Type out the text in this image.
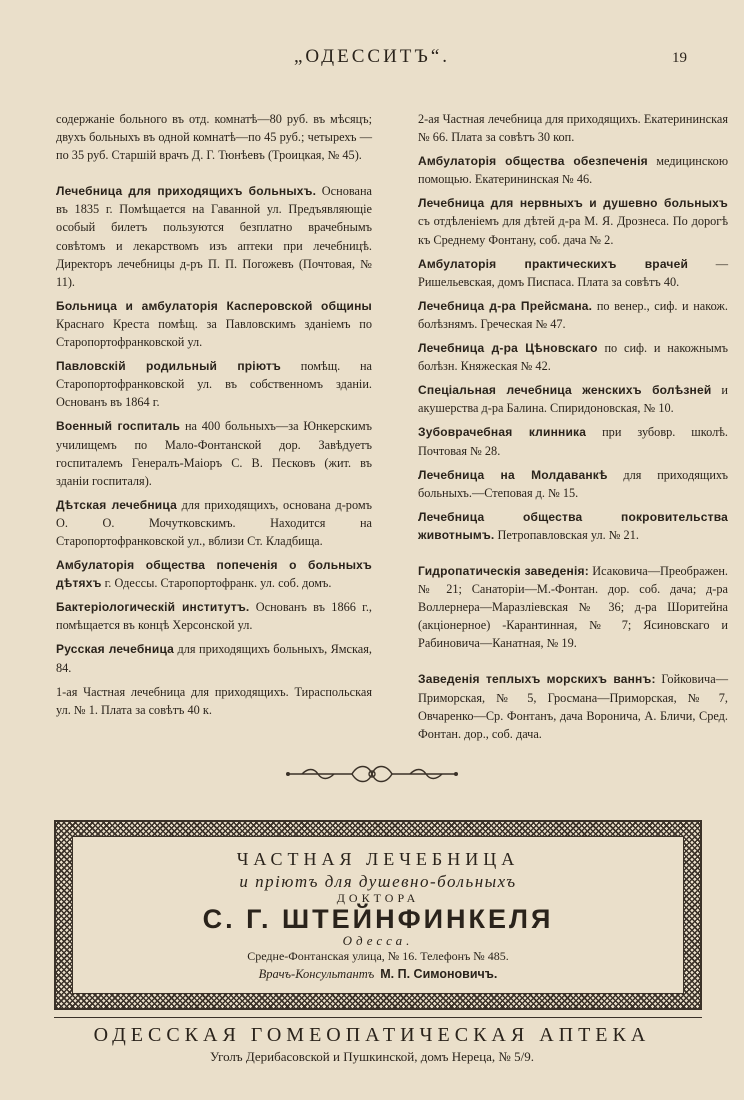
„ОДЕССИТЪ“.	19

содержаніе больного въ отд. комнатѣ—80 руб. въ мѣсяцъ; двухъ больныхъ въ одной комнатѣ—по 45 руб.; четырехъ —по 35 руб. Старшій врачъ Д. Г. Тюнѣевъ (Троицкая, № 45).

Лечебница для приходящихъ больныхъ. Основана въ 1835 г. Помѣщается на Гаванной ул. Предъявляющіе особый билетъ пользуются безплатно врачебнымъ совѣтомъ и лекарствомъ изъ аптеки при лечебницѣ. Директоръ лечебницы д-ръ П. П. Погожевъ (Почтовая, № 11).

Больница и амбулаторія Касперовской общины Краснаго Креста помѣщ. за Павловскимъ зданіемъ по Старопортофранковской ул.

Павловскій родильный пріютъ помѣщ. на Старопортофранковской ул. въ собственномъ зданіи. Основанъ въ 1864 г.

Военный госпиталь на 400 больныхъ—за Юнкерскимъ училищемъ по Мало-Фонтанской дор. Завѣдуетъ госпиталемъ Генералъ-Маіоръ С. В. Песковъ (жит. въ зданіи госпиталя).

Дѣтская лечебница для приходящихъ, основана д-ромъ О. О. Мочутковскимъ. Находится на Старопортофранковской ул., вблизи Ст. Кладбища.

Амбулаторія общества попеченія о больныхъ дѣтяхъ г. Одессы. Старопортофранк. ул. соб. домъ.

Бактеріологическій институтъ. Основанъ въ 1866 г., помѣщается въ концѣ Херсонской ул.

Русская лечебница для приходящихъ больныхъ, Ямская, 84.

1-ая Частная лечебница для приходящихъ. Тираспольская ул. № 1. Плата за совѣтъ 40 к.

2-ая Частная лечебница для приходящихъ. Екатерининская № 66. Плата за совѣтъ 30 коп.

Амбулаторія общества обезпеченія медицинскою помощью. Екатерининская № 46.

Лечебница для нервныхъ и душевно больныхъ съ отдѣленіемъ для дѣтей д-ра М. Я. Дрознеса. По дорогѣ къ Среднему Фонтану, соб. дача № 2.

Амбулаторія практическихъ врачей —Ришельевская, домъ Писпаса. Плата за совѣтъ 40.

Лечебница д-ра Прейсмана. по венер., сиф. и накож. болѣзнямъ. Греческая № 47.

Лечебница д-ра Цѣновскаго по сиф. и накожнымъ болѣзн. Княжеская № 42.

Спеціальная лечебница женскихъ болѣзней и акушерства д-ра Балина. Спиридоновская, № 10.

Зубоврачебная клинника при зубовр. школѣ. Почтовая № 28.

Лечебница на Молдаванкѣ для приходящихъ больныхъ.—Степовая д. № 15.

Лечебница общества покровительства животнымъ. Петропавловская ул. № 21.

Гидропатическія заведенія: Исаковича—Преображен. № 21; Санаторіи—М.-Фонтан. дор. соб. дача; д-ра Воллернера—Маразліевская № 36; д-ра Шоритейна (акціонерное) -Карантинная, № 7; Ясиновскаго и Рабиновича—Канатная, № 19.

Заведенія теплыхъ морскихъ ваннъ: Гойковича—Приморская, № 5, Гросмана—Приморская, № 7, Овчаренко—Ср. Фонтанъ, дача Воронича, А. Бличи, Сред. Фонтан. дор., соб. дача.

ЧАСТНАЯ ЛЕЧЕБНИЦА
и пріютъ для душевно-больныхъ
ДОКТОРА
С. Г. ШТЕЙНФИНКЕЛЯ
Одесса.
Средне-Фонтанская улица, № 16. Телефонъ № 485.
Врачъ-Консультантъ М. П. Симоновичъ.
ОДЕССКАЯ ГОМЕОПАТИЧЕСКАЯ АПТЕКА
Уголъ Дерибасовской и Пушкинской, домъ Нереца, № 5/9.
